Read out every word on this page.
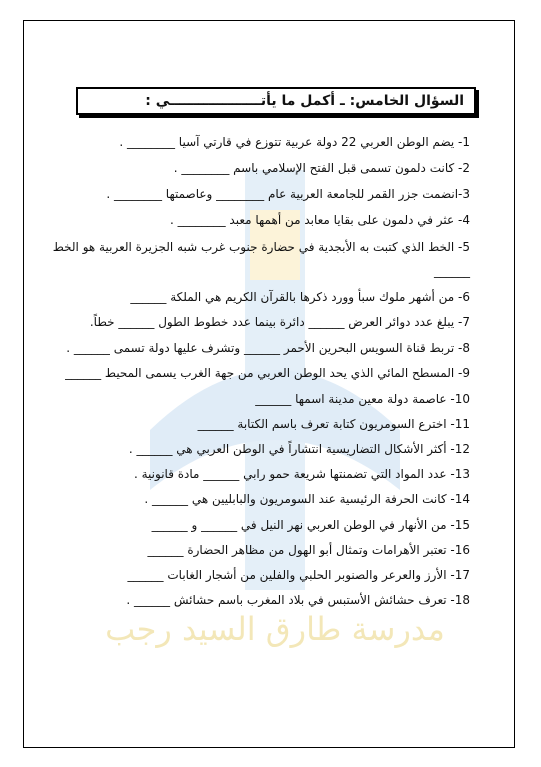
السؤال الخامس: ـ أكمل ما يأتـــــــــــــــــــي :
1- يضم الوطن العربي 22 دولة عربية تتوزع في قارتي آسيا ________ .
2- كانت دلمون تسمى قبل الفتح الإسلامي باسم ________ .
3-انضمت جزر القمر للجامعة العربية عام ________ وعاصمتها ________ .
4- عثر في دلمون على بقايا معابد من أهمها معبد ________ .
5- الخط الذي كتبت به الأبجدية في حضارة جنوب غرب شبه الجزيرة العربية هو الخط ______
6- من أشهر ملوك سبأ وورد ذكرها بالقرآن الكريم هي الملكة ______
7- يبلغ عدد دوائر العرض ______ دائرة بينما عدد خطوط الطول ______ خطاً.
8- تربط قناة السويس البحرين الأحمر ______ وتشرف عليها دولة تسمى ______ .
9- المسطح المائي الذي يحد الوطن العربي من جهة الغرب يسمى المحيط ______
10- عاصمة دولة معين مدينة اسمها ______
11- اخترع السومريون كتابة تعرف باسم الكتابة ______
12- أكثر الأشكال التضاريسية انتشاراً في الوطن العربي هي ______ .
13- عدد المواد التي تضمنتها شريعة حمو رابي ______ مادة قانونية .
14- كانت الحرفة الرئيسية عند السومريون والبابليين هي ______ .
15- من الأنهار في الوطن العربي نهر النيل في ______ و ______
16- تعتبر الأهرامات وتمثال أبو الهول من مظاهر الحضارة ______
17- الأرز والعرعر والصنوبر الحلبي والفلين من أشجار الغابات ______
18- تعرف حشائش الأستبس في بلاد المغرب باسم حشائش ______ .
مدرسة طارق السيد رجب
